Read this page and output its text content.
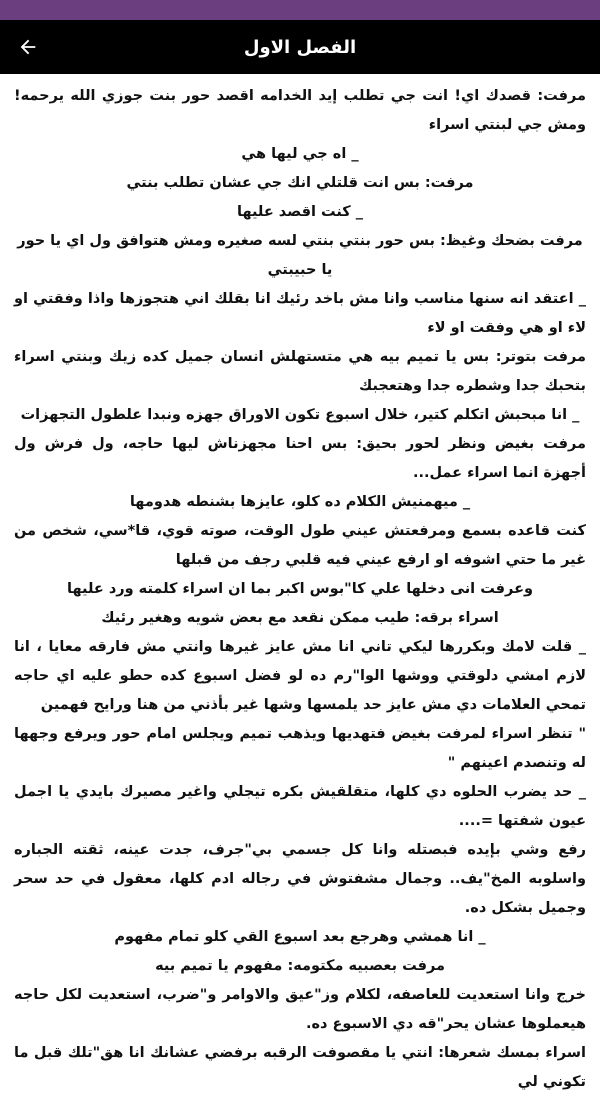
الفصل الاول

مرفت: قصدك اي! انت جي تطلب إيد الخدامه اقصد حور بنت جوزي الله يرحمه! ومش جي لبنتي اسراء

_ اه جي ليها هي

مرفت: بس انت قلتلي انك جي عشان تطلب بنتي

_ كنت اقصد عليها

مرفت بضحك وغيظ: بس حور بنتي بنتي لسه صغيره ومش هتوافق ول اي يا حور يا حبيبتي

_ اعتقد انه سنها مناسب وانا مش باخد رئيك انا بقلك اني هتجوزها واذا وفقتي او لاء او هي وفقت او لاء

مرفت بتوتر: بس يا تميم بيه هي متستهلش انسان جميل كده زيك وبنتي اسراء بتحبك جدا وشطره جدا وهتعجبك

_ انا مبحبش اتكلم كتير، خلال اسبوع تكون الاوراق جهزه ونبدا علطول التجهزات

مرفت بغيض ونظر لحور بحيق: بس احنا مجهزناش ليها حاجه، ول فرش ول أجهزة انما اسراء عمل...

_ ميهمنيش الكلام ده كلو، عايزها بشنطه هدومها

كنت قاعده بسمع ومرفعتش عيني طول الوقت، صوته قوي، قا*سي، شخص من غير ما حتي اشوفه او ارفع عيني فيه قلبي رجف من قبلها

وعرفت انى دخلها علي كا"بوس اكبر بما ان اسراء كلمته ورد عليها

اسراء برقه: طيب ممكن نقعد مع بعض شويه وهغير رئيك

_ قلت لامك وبكررها ليكي تاني انا مش عايز غيرها وانتي مش فارقه معايا ، انا لازم امشي دلوقتي ووشها الوا"رم ده لو فضل اسبوع كده حطو عليه اي حاجه تمحي العلامات دي مش عايز حد يلمسها وشها غير بأذني من هنا ورايح فهمين

" تنظر اسراء لمرفت بغيض فتهديها ويذهب تميم ويجلس امام حور ويرفع وجهها له وتنصدم اعينهم "

_ حد يضرب الحلوه دي كلها، متقلقيش بكره تيجلي واغير مصيرك بايدي يا اجمل عيون شفتها =....

رفع وشي بإيده فبصتله وانا كل جسمي بي"جرف، جدت عينه، ثقته الجباره واسلوبه المخ"يف.. وجمال مشفتوش في رجاله ادم كلها، معقول في حد سحر وجميل بشكل ده.

_ انا همشي وهرجع بعد اسبوع القي كلو تمام مفهوم

مرفت بعصبيه مكتومه: مفهوم يا تميم بيه

خرج وانا استعديت للعاصفه، لكلام وز"عيق والاوامر و"ضرب، استعديت لكل حاجه هيعملوها عشان يحر"قه دي الاسبوع ده.

اسراء بمسك شعرها: انتي يا مقصوفت الرقبه برفضي عشانك انا هق"تلك قبل ما تكوني لي
